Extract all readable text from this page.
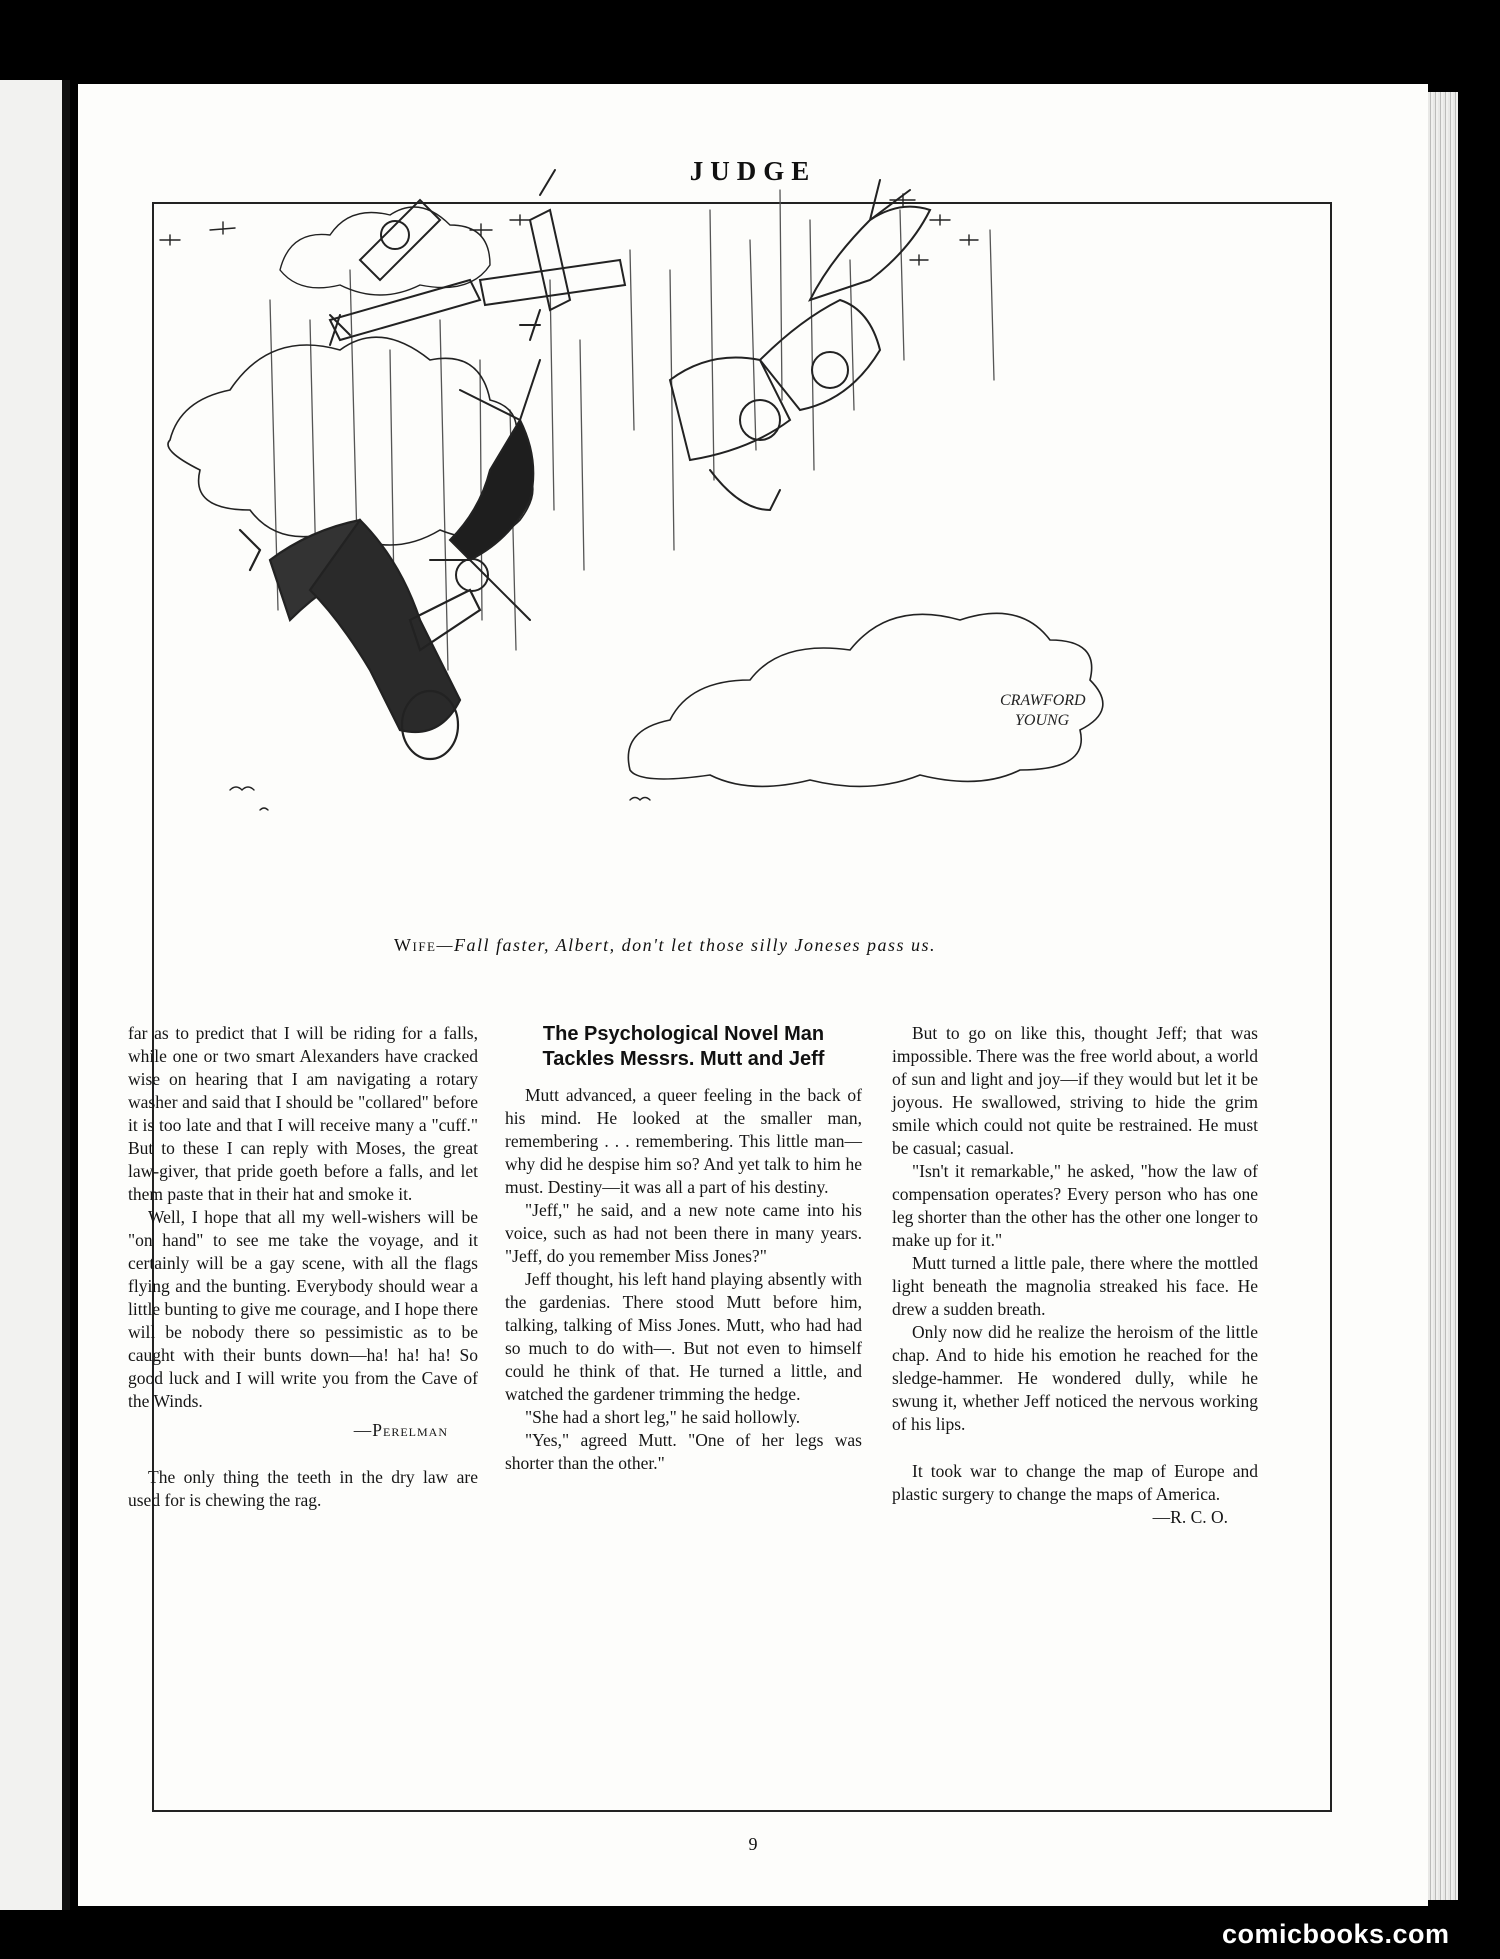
JUDGE

9

CRAWFORD
YOUNG

Wife—Fall faster, Albert, don't let those silly Joneses pass us.

far as to predict that I will be riding for a falls, while one or two smart Alexanders have cracked wise on hearing that I am navigating a rotary washer and said that I should be "collared" before it is too late and that I will receive many a "cuff." But to these I can reply with Moses, the great law-giver, that pride goeth before a falls, and let them paste that in their hat and smoke it.

Well, I hope that all my well-wishers will be "on hand" to see me take the voyage, and it certainly will be a gay scene, with all the flags flying and the bunting. Everybody should wear a little bunting to give me courage, and I hope there will be nobody there so pessimistic as to be caught with their bunts down—ha! ha! ha! So good luck and I will write you from the Cave of the Winds.

—Perelman

The only thing the teeth in the dry law are used for is chewing the rag.

The Psychological Novel Man Tackles Messrs. Mutt and Jeff

Mutt advanced, a queer feeling in the back of his mind. He looked at the smaller man, remembering . . . remembering. This little man—why did he despise him so? And yet talk to him he must. Destiny—it was all a part of his destiny.

"Jeff," he said, and a new note came into his voice, such as had not been there in many years. "Jeff, do you remember Miss Jones?"

Jeff thought, his left hand playing absently with the gardenias. There stood Mutt before him, talking, talking of Miss Jones. Mutt, who had had so much to do with—. But not even to himself could he think of that. He turned a little, and watched the gardener trimming the hedge.

"She had a short leg," he said hollowly.

"Yes," agreed Mutt. "One of her legs was shorter than the other."

But to go on like this, thought Jeff; that was impossible. There was the free world about, a world of sun and light and joy—if they would but let it be joyous. He swallowed, striving to hide the grim smile which could not quite be restrained. He must be casual; casual.

"Isn't it remarkable," he asked, "how the law of compensation operates? Every person who has one leg shorter than the other has the other one longer to make up for it."

Mutt turned a little pale, there where the mottled light beneath the magnolia streaked his face. He drew a sudden breath.

Only now did he realize the heroism of the little chap. And to hide his emotion he reached for the sledge-hammer. He wondered dully, while he swung it, whether Jeff noticed the nervous working of his lips.

It took war to change the map of Europe and plastic surgery to change the maps of America.

—R. C. O.

comicbooks.com
